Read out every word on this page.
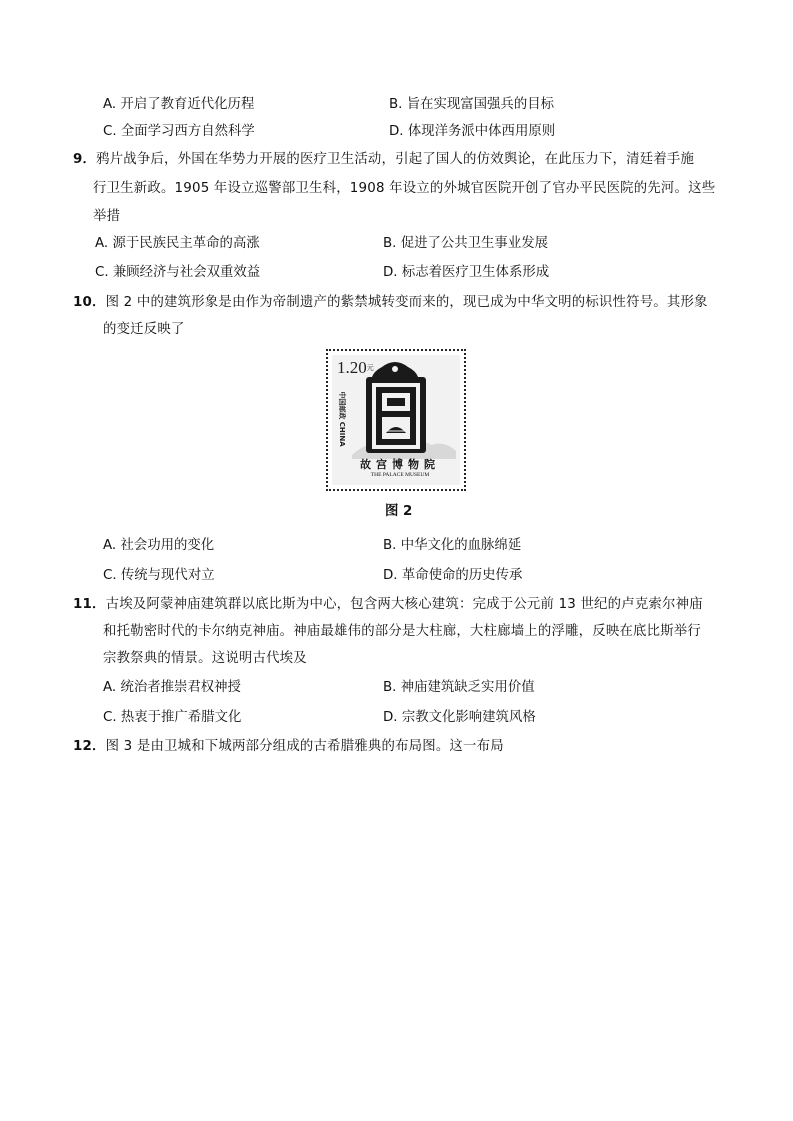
A. 开启了教育近代化历程	B. 旨在实现富国强兵的目标
C. 全面学习西方自然科学	D. 体现洋务派中体西用原则
9．鸦片战争后，外国在华势力开展的医疗卫生活动，引起了国人的仿效舆论，在此压力下，清廷着手施
行卫生新政。1905 年设立巡警部卫生科，1908 年设立的外城官医院开创了官办平民医院的先河。这些
举措
A. 源于民族民主革命的高涨	B. 促进了公共卫生事业发展
C. 兼顾经济与社会双重效益	D. 标志着医疗卫生体系形成
10．图 2 中的建筑形象是由作为帝制遗产的紫禁城转变而来的，现已成为中华文明的标识性符号。其形象
的变迁反映了
$1.20^元$
中国邮政 CHINA
故宫博物院
THE PALACE MUSEUM
图 2
A. 社会功用的变化	B. 中华文化的血脉绵延
C. 传统与现代对立	D. 革命使命的历史传承
11．古埃及阿蒙神庙建筑群以底比斯为中心，包含两大核心建筑：完成于公元前 13 世纪的卢克索尔神庙
和托勒密时代的卡尔纳克神庙。神庙最雄伟的部分是大柱廊，大柱廊墙上的浮雕，反映在底比斯举行
宗教祭典的情景。这说明古代埃及
A. 统治者推崇君权神授	B. 神庙建筑缺乏实用价值
C. 热衷于推广希腊文化	D. 宗教文化影响建筑风格
12．图 3 是由卫城和下城两部分组成的古希腊雅典的布局图。这一布局
